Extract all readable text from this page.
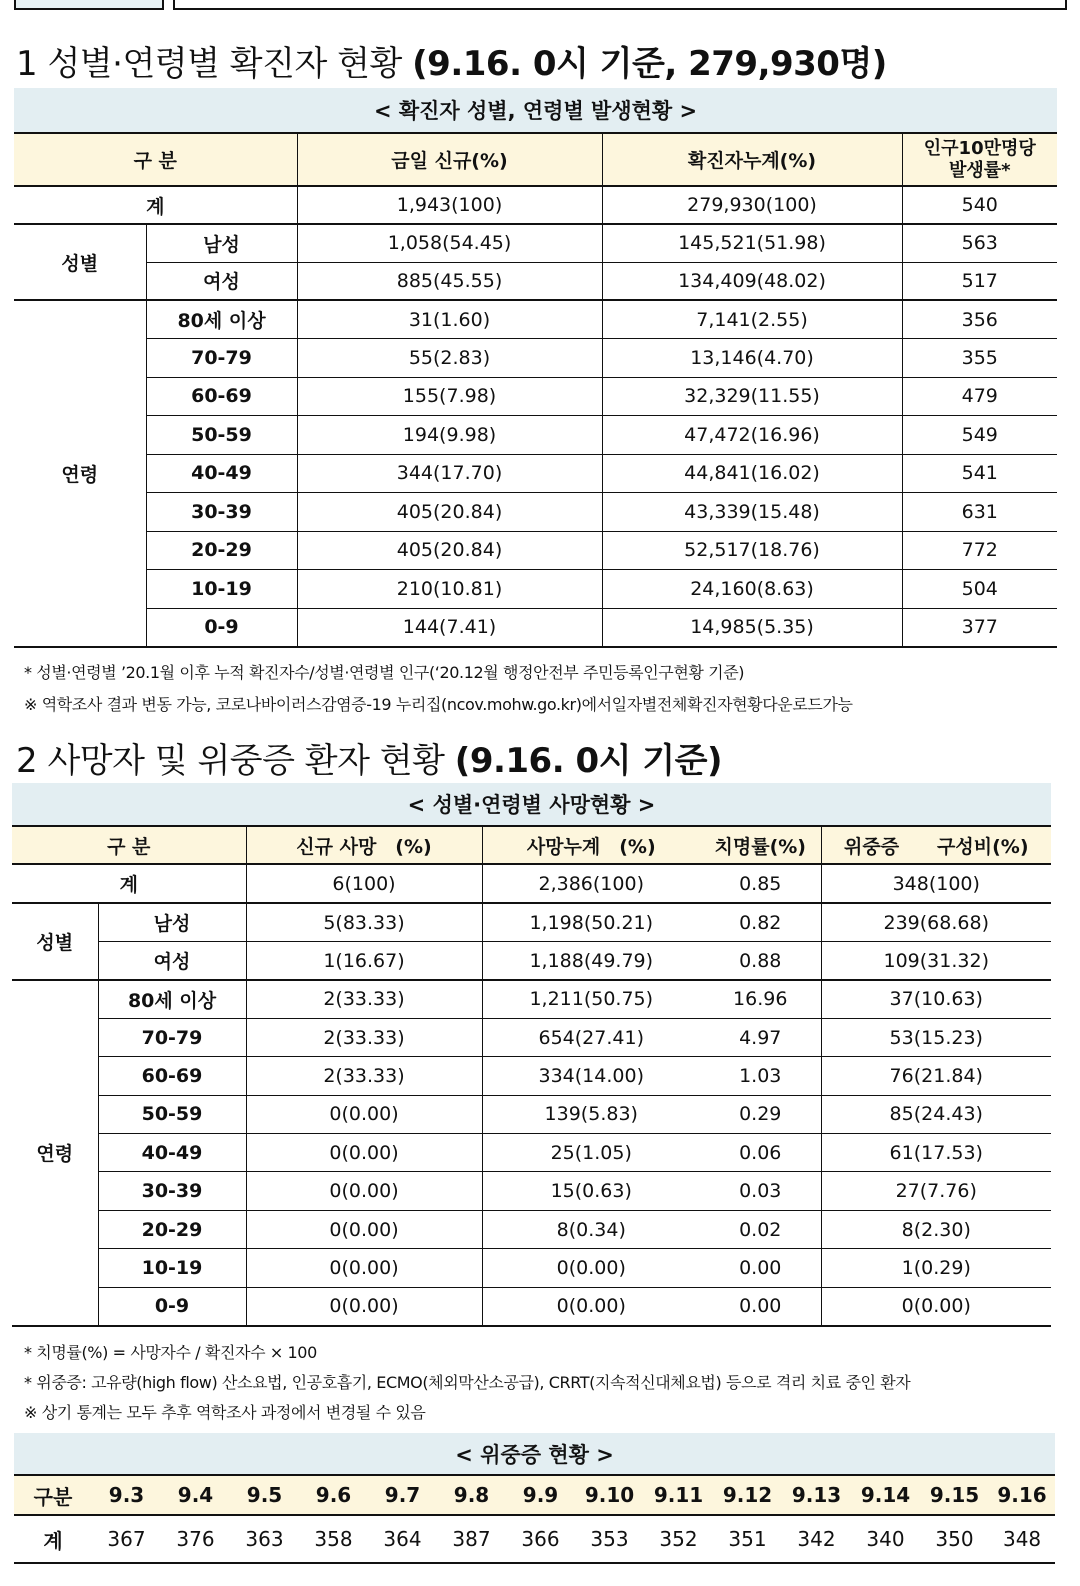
1 성별·연령별 확진자 현황 (9.16. 0시 기준, 279,930명)
< 확진자 성별, 연령별 발생현황 >				
구 분		금일 신규(%)	확진자누계(%)	인구10만명당
발생률*

계		1,943(100)	279,930(100)	540
성별	남성	1,058(54.45)	145,521(51.98)	563
	여성	885(45.55)	134,409(48.02)	517
연령	80세 이상	31(1.60)	7,141(2.55)	356
	70-79	55(2.83)	13,146(4.70)	355
	60-69	155(7.98)	32,329(11.55)	479
	50-59	194(9.98)	47,472(16.96)	549
	40-49	344(17.70)	44,841(16.02)	541
	30-39	405(20.84)	43,339(15.48)	631
	20-29	405(20.84)	52,517(18.76)	772
	10-19	210(10.81)	24,160(8.63)	504
	0-9	144(7.41)	14,985(5.35)	377
* 성별·연령별 ’20.1월 이후 누적 확진자수/성별·연령별 인구(‘20.12월 행정안전부 주민등록인구현황 기준)
※ 역학조사 결과 변동 가능, 코로나바이러스감염증-19 누리집(ncov.mohw.go.kr)에서일자별전체확진자현황다운로드가능
2 사망자 및 위중증 환자 현황 (9.16. 0시 기준)
< 성별·연령별 사망현황 >					
구 분		신규 사망　(%)	사망누계　(%)	치명률(%)	위중증　　구성비(%)
계		6(100)	2,386(100)	0.85	348(100)
성별	남성	5(83.33)	1,198(50.21)	0.82	239(68.68)
	여성	1(16.67)	1,188(49.79)	0.88	109(31.32)
연령	80세 이상	2(33.33)	1,211(50.75)	16.96	37(10.63)
	70-79	2(33.33)	654(27.41)	4.97	53(15.23)
	60-69	2(33.33)	334(14.00)	1.03	76(21.84)
	50-59	0(0.00)	139(5.83)	0.29	85(24.43)
	40-49	0(0.00)	25(1.05)	0.06	61(17.53)
	30-39	0(0.00)	15(0.63)	0.03	27(7.76)
	20-29	0(0.00)	8(0.34)	0.02	8(2.30)
	10-19	0(0.00)	0(0.00)	0.00	1(0.29)
	0-9	0(0.00)	0(0.00)	0.00	0(0.00)
* 치명률(%) = 사망자수 / 확진자수 × 100
* 위중증: 고유량(high flow) 산소요법, 인공호흡기, ECMO(체외막산소공급), CRRT(지속적신대체요법) 등으로 격리 치료 중인 환자
※ 상기 통계는 모두 추후 역학조사 과정에서 변경될 수 있음
< 위중증 현황 >														
구분	9.3	9.4	9.5	9.6	9.7	9.8	9.9	9.10	9.11	9.12	9.13	9.14	9.15	9.16
계	367	376	363	358	364	387	366	353	352	351	342	340	350	348
